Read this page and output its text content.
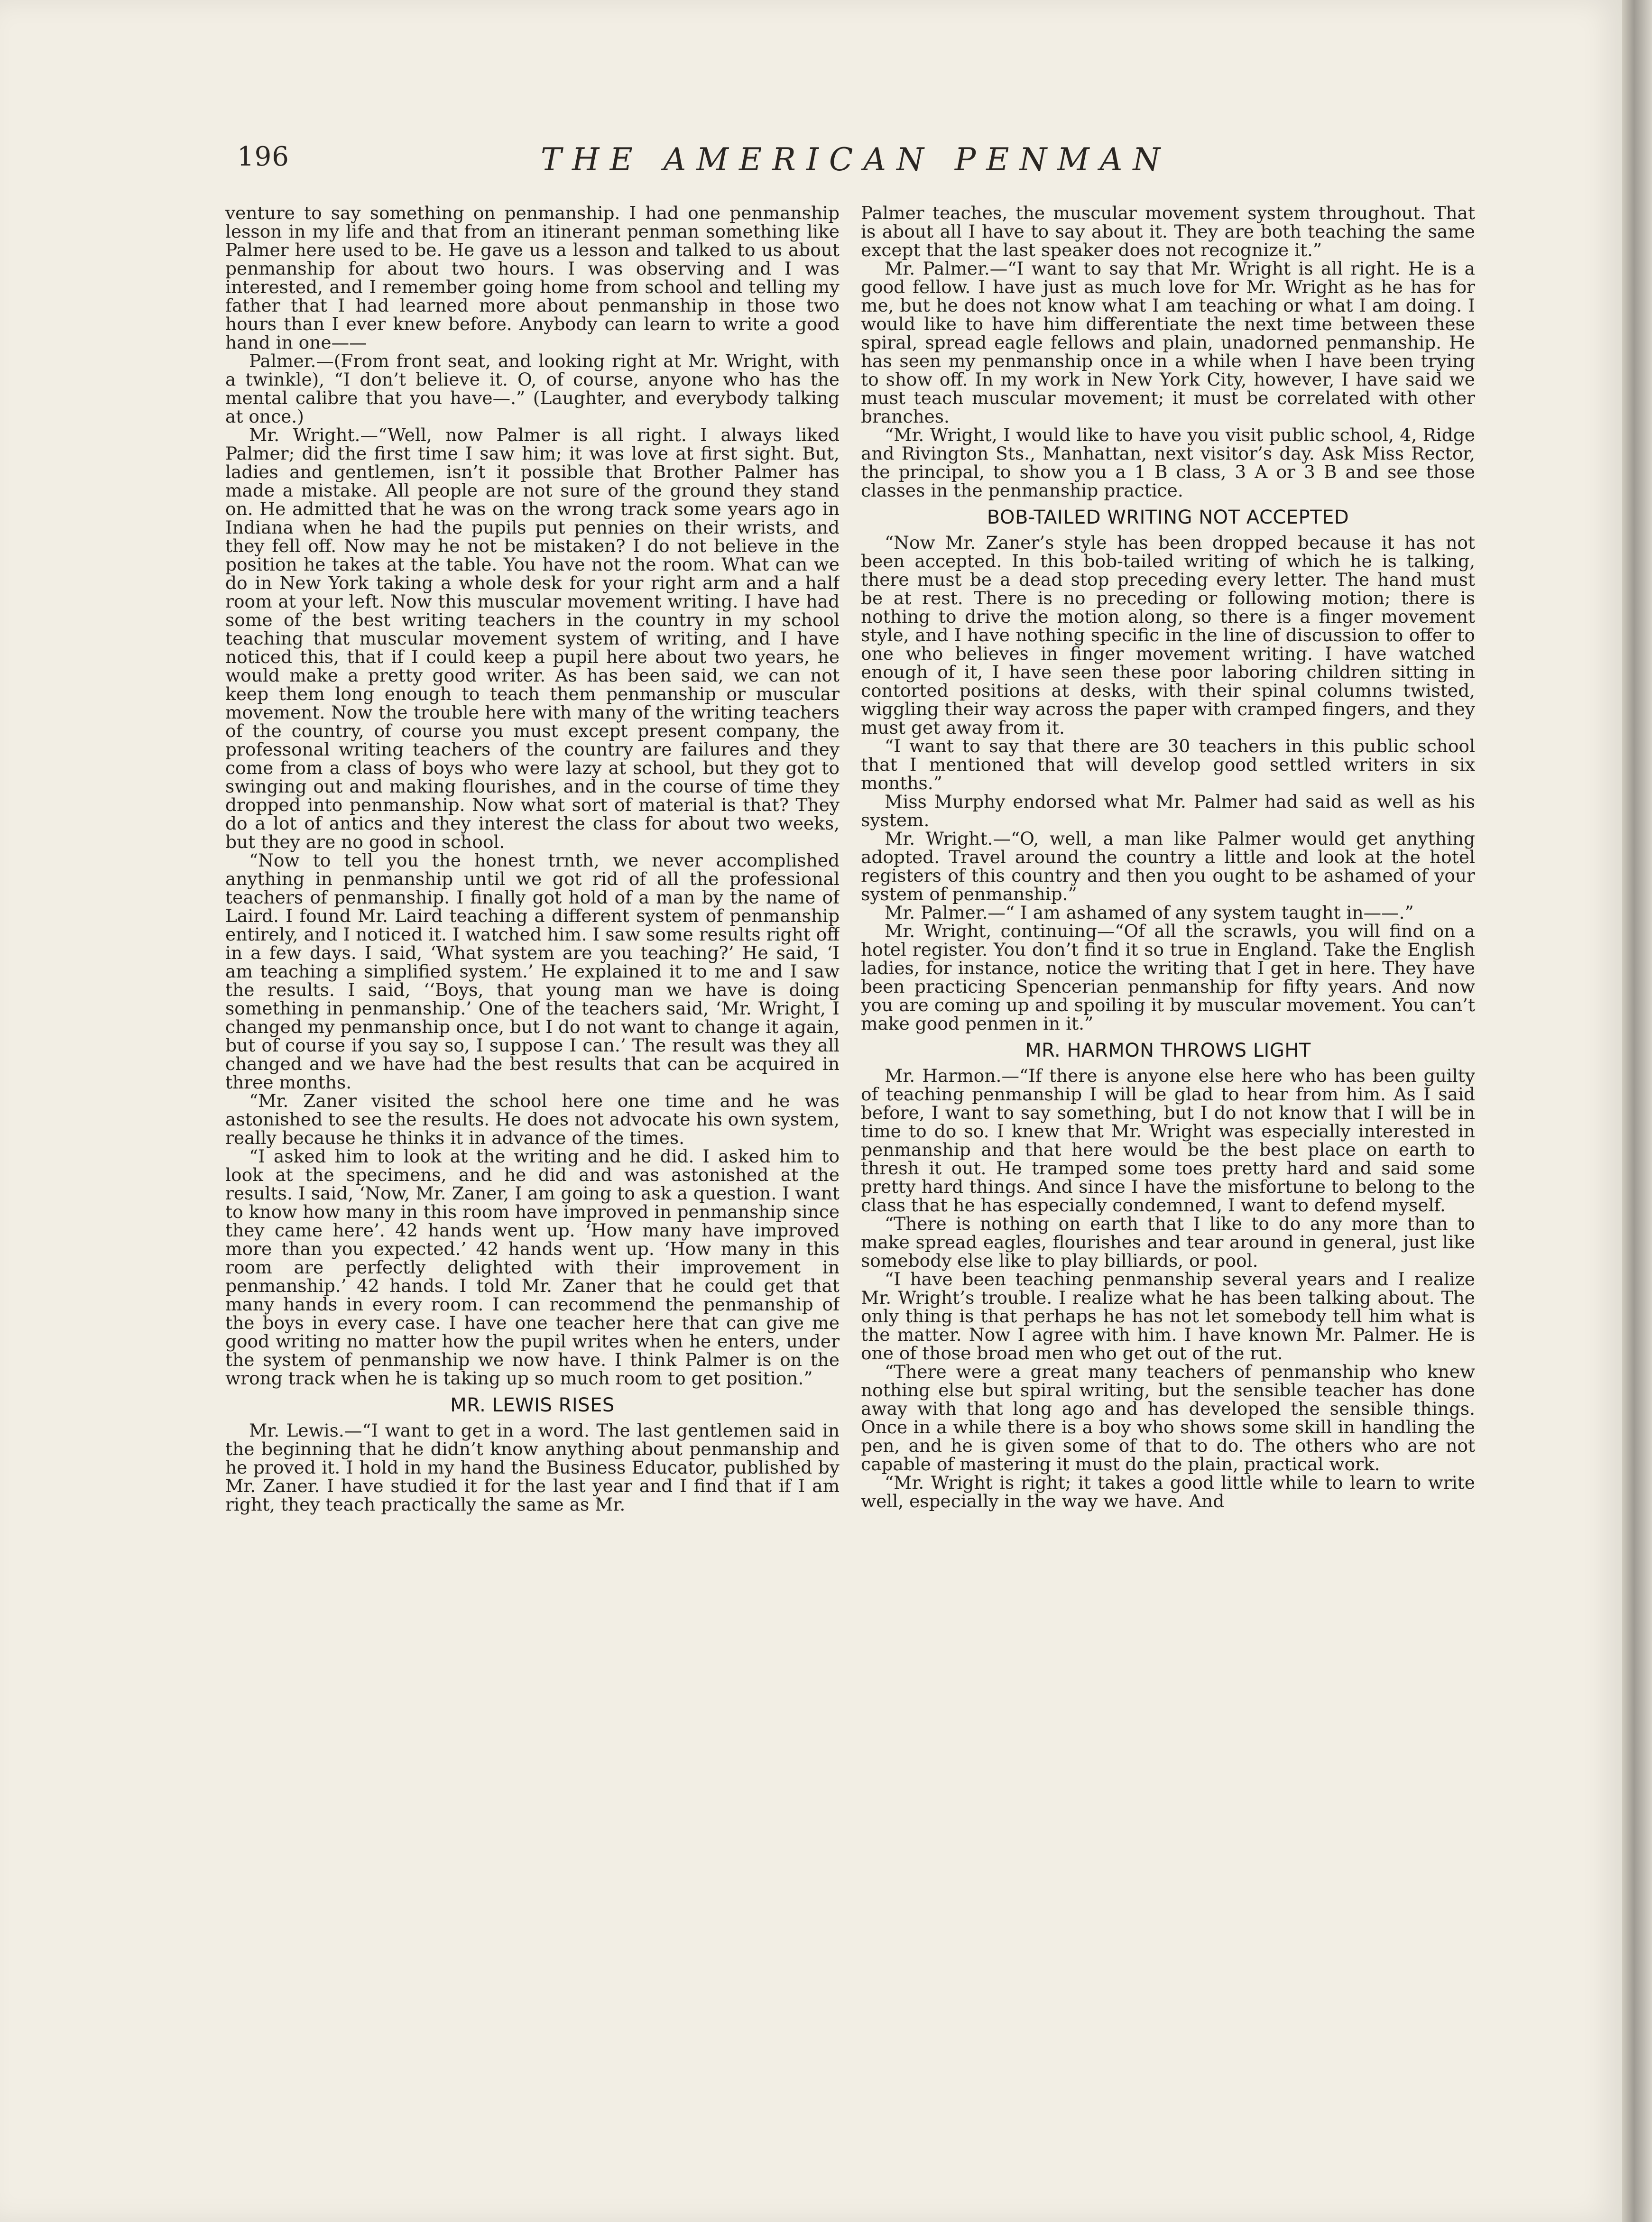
196	THE AMERICAN PENMAN

venture to say something on penmanship. I had one penmanship lesson in my life and that from an itinerant penman something like Palmer here used to be. He gave us a lesson and talked to us about penmanship for about two hours. I was observing and I was interested, and I remember going home from school and telling my father that I had learned more about penmanship in those two hours than I ever knew before. Anybody can learn to write a good hand in one——

Palmer.—(From front seat, and looking right at Mr. Wright, with a twinkle), “I don’t believe it. O, of course, anyone who has the mental calibre that you have—.” (Laughter, and everybody talking at once.)

Mr. Wright.—“Well, now Palmer is all right. I always liked Palmer; did the first time I saw him; it was love at first sight. But, ladies and gentlemen, isn’t it possible that Brother Palmer has made a mistake. All people are not sure of the ground they stand on. He admitted that he was on the wrong track some years ago in Indiana when he had the pupils put pennies on their wrists, and they fell off. Now may he not be mistaken? I do not believe in the position he takes at the table. You have not the room. What can we do in New York taking a whole desk for your right arm and a half room at your left. Now this muscular movement writing. I have had some of the best writing teachers in the country in my school teaching that muscular movement system of writing, and I have noticed this, that if I could keep a pupil here about two years, he would make a pretty good writer. As has been said, we can not keep them long enough to teach them penmanship or muscular movement. Now the trouble here with many of the writing teachers of the country, of course you must except present company, the professonal writing teachers of the country are failures and they come from a class of boys who were lazy at school, but they got to swinging out and making flourishes, and in the course of time they dropped into penmanship. Now what sort of material is that? They do a lot of antics and they interest the class for about two weeks, but they are no good in school.

“Now to tell you the honest trnth, we never accomplished anything in penmanship until we got rid of all the professional teachers of penmanship. I finally got hold of a man by the name of Laird. I found Mr. Laird teaching a different system of penmanship entirely, and I noticed it. I watched him. I saw some results right off in a few days. I said, ‘What system are you teaching?’ He said, ‘I am teaching a simplified system.’ He explained it to me and I saw the results. I said, ‘‘Boys, that young man we have is doing something in penmanship.’ One of the teachers said, ‘Mr. Wright, I changed my penmanship once, but I do not want to change it again, but of course if you say so, I suppose I can.’ The result was they all changed and we have had the best results that can be acquired in three months.

“Mr. Zaner visited the school here one time and he was astonished to see the results. He does not advocate his own system, really because he thinks it in advance of the times.

“I asked him to look at the writing and he did. I asked him to look at the specimens, and he did and was astonished at the results. I said, ‘Now, Mr. Zaner, I am going to ask a question. I want to know how many in this room have improved in penmanship since they came here’. 42 hands went up. ‘How many have improved more than you expected.’ 42 hands went up. ‘How many in this room are perfectly delighted with their improvement in penmanship.’ 42 hands. I told Mr. Zaner that he could get that many hands in every room. I can recommend the penmanship of the boys in every case. I have one teacher here that can give me good writing no matter how the pupil writes when he enters, under the system of penmanship we now have. I think Palmer is on the wrong track when he is taking up so much room to get position.”

MR. LEWIS RISES

Mr. Lewis.—“I want to get in a word. The last gentlemen said in the beginning that he didn’t know anything about penmanship and he proved it. I hold in my hand the Business Educator, published by Mr. Zaner. I have studied it for the last year and I find that if I am right, they teach practically the same as Mr.

Palmer teaches, the muscular movement system throughout. That is about all I have to say about it. They are both teaching the same except that the last speaker does not recognize it.”

Mr. Palmer.—“I want to say that Mr. Wright is all right. He is a good fellow. I have just as much love for Mr. Wright as he has for me, but he does not know what I am teaching or what I am doing. I would like to have him differentiate the next time between these spiral, spread eagle fellows and plain, unadorned penmanship. He has seen my penmanship once in a while when I have been trying to show off. In my work in New York City, however, I have said we must teach muscular movement; it must be correlated with other branches.

“Mr. Wright, I would like to have you visit public school, 4, Ridge and Rivington Sts., Manhattan, next visitor’s day. Ask Miss Rector, the principal, to show you a 1 B class, 3 A or 3 B and see those classes in the penmanship practice.

BOB-TAILED WRITING NOT ACCEPTED

“Now Mr. Zaner’s style has been dropped because it has not been accepted. In this bob-tailed writing of which he is talking, there must be a dead stop preceding every letter. The hand must be at rest. There is no preceding or following motion; there is nothing to drive the motion along, so there is a finger movement style, and I have nothing specific in the line of discussion to offer to one who believes in finger movement writing. I have watched enough of it, I have seen these poor laboring children sitting in contorted positions at desks, with their spinal columns twisted, wiggling their way across the paper with cramped fingers, and they must get away from it.

“I want to say that there are 30 teachers in this public school that I mentioned that will develop good settled writers in six months.”

Miss Murphy endorsed what Mr. Palmer had said as well as his system.

Mr. Wright.—“O, well, a man like Palmer would get anything adopted. Travel around the country a little and look at the hotel registers of this country and then you ought to be ashamed of your system of penmanship.”

Mr. Palmer.—“ I am ashamed of any system taught in——.”

Mr. Wright, continuing—“Of all the scrawls, you will find on a hotel register. You don’t find it so true in England. Take the English ladies, for instance, notice the writing that I get in here. They have been practicing Spencerian penmanship for fifty years. And now you are coming up and spoiling it by muscular movement. You can’t make good penmen in it.”

MR. HARMON THROWS LIGHT

Mr. Harmon.—“If there is anyone else here who has been guilty of teaching penmanship I will be glad to hear from him. As I said before, I want to say something, but I do not know that I will be in time to do so. I knew that Mr. Wright was especially interested in penmanship and that here would be the best place on earth to thresh it out. He tramped some toes pretty hard and said some pretty hard things. And since I have the misfortune to belong to the class that he has especially condemned, I want to defend myself.

“There is nothing on earth that I like to do any more than to make spread eagles, flourishes and tear around in general, just like somebody else like to play billiards, or pool.

“I have been teaching penmanship several years and I realize Mr. Wright’s trouble. I realize what he has been talking about. The only thing is that perhaps he has not let somebody tell him what is the matter. Now I agree with him. I have known Mr. Palmer. He is one of those broad men who get out of the rut.

“There were a great many teachers of penmanship who knew nothing else but spiral writing, but the sensible teacher has done away with that long ago and has developed the sensible things. Once in a while there is a boy who shows some skill in handling the pen, and he is given some of that to do. The others who are not capable of mastering it must do the plain, practical work.

“Mr. Wright is right; it takes a good little while to learn to write well, especially in the way we have. And
